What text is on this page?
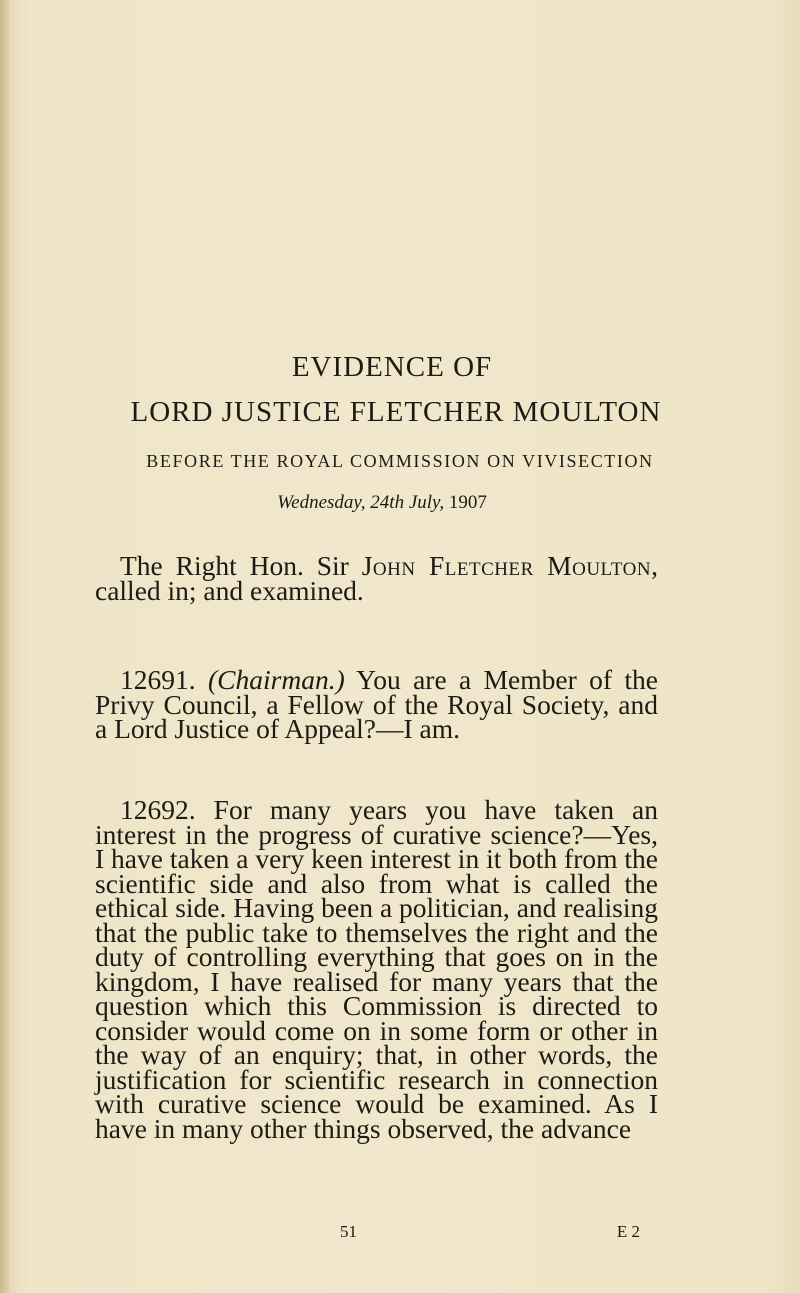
EVIDENCE OF
LORD JUSTICE FLETCHER MOULTON
BEFORE THE ROYAL COMMISSION ON VIVISECTION
Wednesday, 24th July, 1907
The Right Hon. Sir John Fletcher Moulton, called in; and examined.
12691. (Chairman.) You are a Member of the Privy Council, a Fellow of the Royal Society, and a Lord Justice of Appeal?—I am.
12692. For many years you have taken an interest in the progress of curative science?—Yes, I have taken a very keen interest in it both from the scientific side and also from what is called the ethical side. Having been a politician, and realising that the public take to themselves the right and the duty of controlling everything that goes on in the kingdom, I have realised for many years that the question which this Commission is directed to consider would come on in some form or other in the way of an enquiry; that, in other words, the justification for scientific research in connection with curative science would be examined. As I have in many other things observed, the advance
51	E 2
